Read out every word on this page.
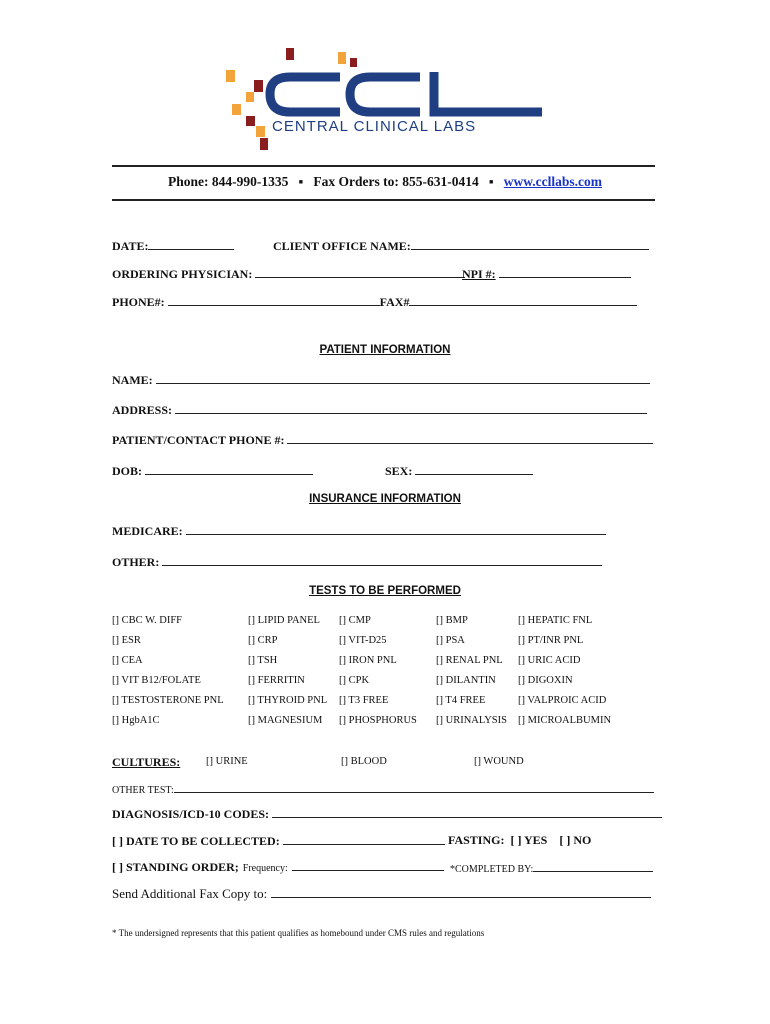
CENTRAL CLINICAL LABS
Phone: 844-990-1335 ▪ Fax Orders to: 855-631-0414 ▪ www.ccllabs.com
DATE:	CLIENT OFFICE NAME:
ORDERING PHYSICIAN:	NPI #:
PHONE#:	FAX#
PATIENT INFORMATION
NAME:
ADDRESS:
PATIENT/CONTACT PHONE #:
DOB:	SEX:
INSURANCE INFORMATION
MEDICARE:
OTHER:
TESTS TO BE PERFORMED
[] CBC W. DIFF	[] LIPID PANEL [] CMP	[] BMP	[] HEPATIC FNL
[] ESR	[] CRP	[] VIT-D25	[] PSA	[] PT/INR PNL
[] CEA	[] TSH	[] IRON PNL	[] RENAL PNL [] URIC ACID
[] VIT B12/FOLATE	[] FERRITIN	[] CPK	[] DILANTIN [] DIGOXIN
[] TESTOSTERONE PNL [] THYROID PNL [] T3 FREE	[] T4 FREE	[] VALPROIC ACID
[] HgbA1C	[] MAGNESIUM [] PHOSPHORUS [] URINALYSIS [] MICROALBUMIN
CULTURES: [] URINE	[] BLOOD	[] WOUND
OTHER TEST:
DIAGNOSIS/ICD-10 CODES:
[ ] DATE TO BE COLLECTED:	FASTING: [ ] YES [ ] NO
[ ] STANDING ORDER; Frequency:	*COMPLETED BY:
Send Additional Fax Copy to:
* The undersigned represents that this patient qualifies as homebound under CMS rules and regulations
